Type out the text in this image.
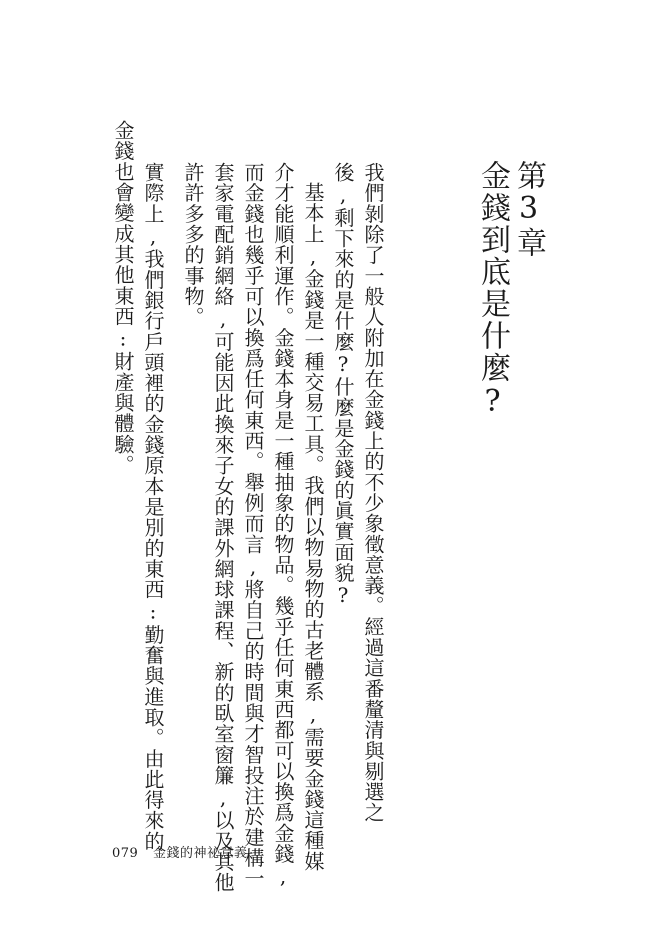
第3章
金錢到底是什麼?
我們剝除了一般人附加在金錢上的不少象徵意義。經過這番釐清與剔選之
後,剩下來的是什麼?什麼是金錢的眞實面貌?
基本上,金錢是一種交易工具。我們以物易物的古老體系,需要金錢這種媒
介才能順利運作。金錢本身是一種抽象的物品。幾乎任何東西都可以換爲金錢,
而金錢也幾乎可以換爲任何東西。舉例而言,將自己的時間與才智投注於建構一
套家電配銷網絡,可能因此換來子女的課外網球課程、新的臥室窗簾,以及其他
許許多多的事物。
實際上,我們銀行戶頭裡的金錢原本是別的東西:勤奮與進取。由此得來的
金錢也會變成其他東西:財產與體驗。
079 金錢的神祕意義
